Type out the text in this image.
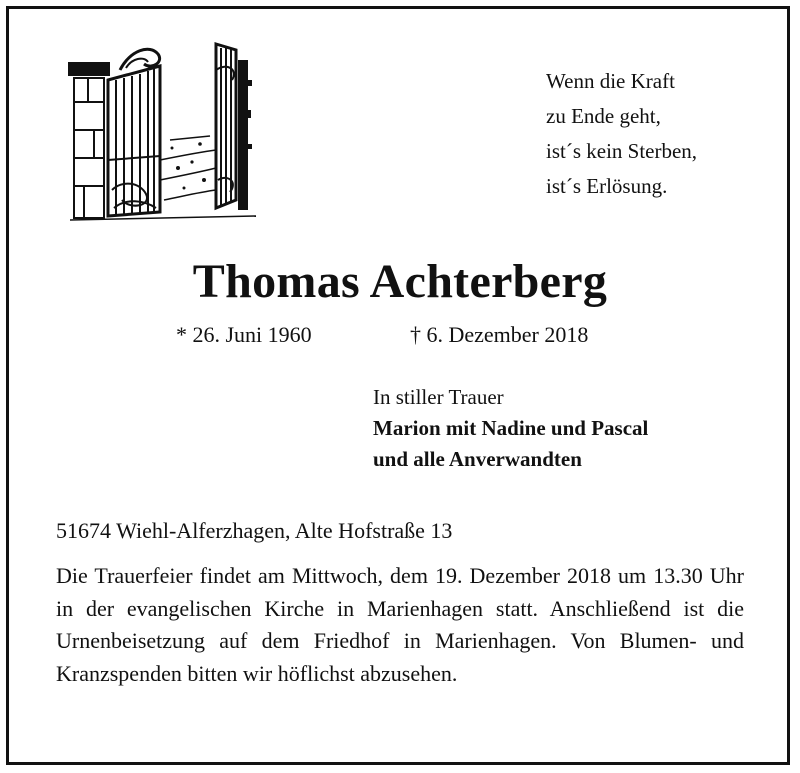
Wenn die Kraft
zu Ende geht,
ist´s kein Sterben,
ist´s Erlösung.
Thomas Achterberg
* 26. Juni 1960	† 6. Dezember 2018
In stiller Trauer
Marion mit Nadine und Pascal
und alle Anverwandten
51674 Wiehl-Alferzhagen, Alte Hofstraße 13
Die Trauerfeier findet am Mittwoch, dem 19. Dezember 2018 um 13.30 Uhr in der evangelischen Kirche in Marienhagen statt. Anschließend ist die Urnenbeisetzung auf dem Friedhof in Marienhagen. Von Blumen- und Kranzspenden bitten wir höflichst abzusehen.
